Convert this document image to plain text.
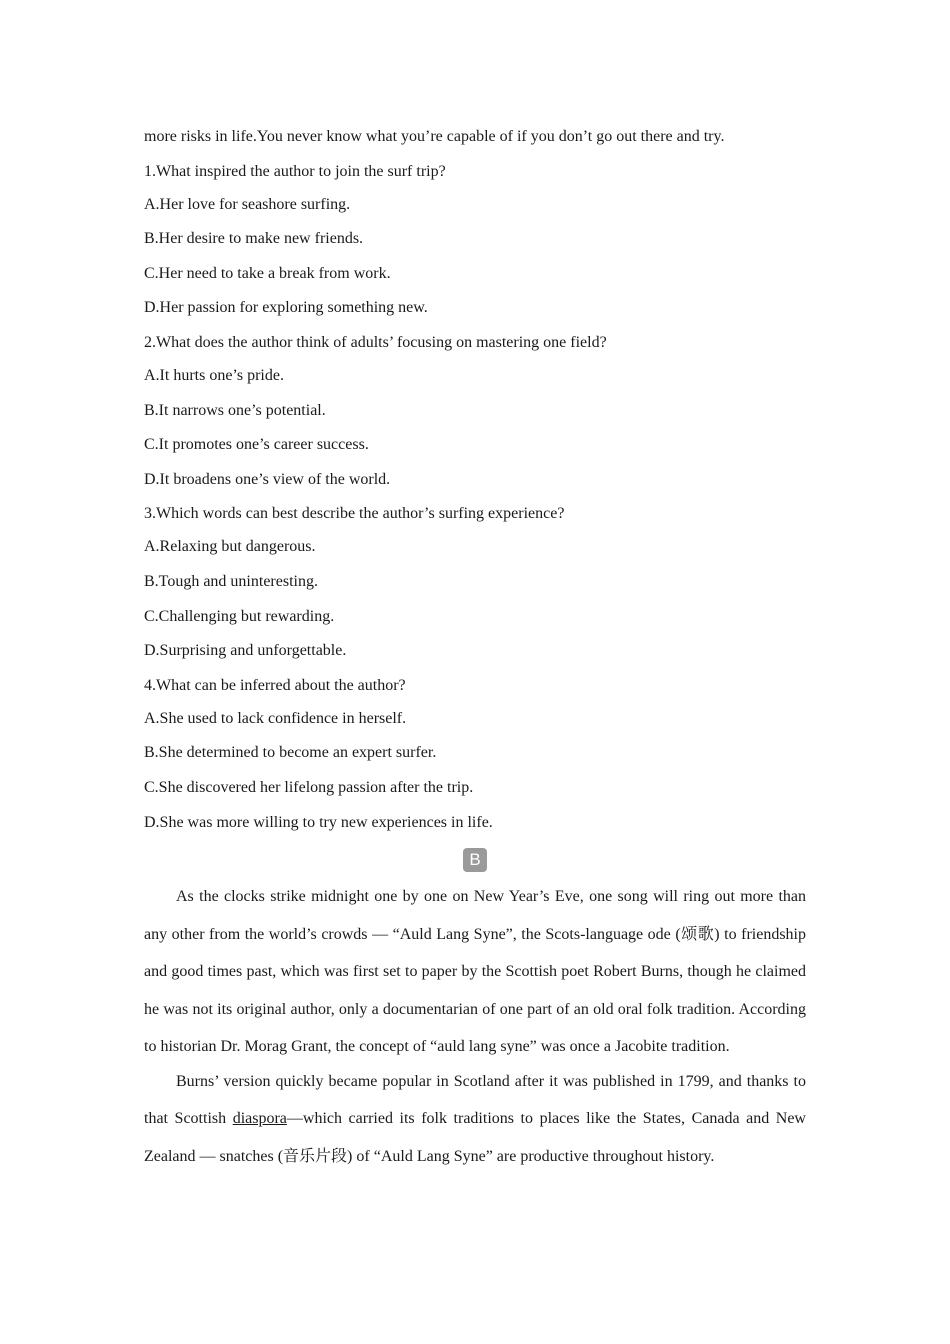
more risks in life.You never know what you’re capable of if you don’t go out there and try.
1.What inspired the author to join the surf trip?
A.Her love for seashore surfing.
B.Her desire to make new friends.
C.Her need to take a break from work.
D.Her passion for exploring something new.
2.What does the author think of adults’ focusing on mastering one field?
A.It hurts one’s pride.
B.It narrows one’s potential.
C.It promotes one’s career success.
D.It broadens one’s view of the world.
3.Which words can best describe the author’s surfing experience?
A.Relaxing but dangerous.
B.Tough and uninteresting.
C.Challenging but rewarding.
D.Surprising and unforgettable.
4.What can be inferred about the author?
A.She used to lack confidence in herself.
B.She determined to become an expert surfer.
C.She discovered her lifelong passion after the trip.
D.She was more willing to try new experiences in life.
B

As the clocks strike midnight one by one on New Year’s Eve, one song will ring out more than any other from the world’s crowds — “Auld Lang Syne”, the Scots-language ode (颂歌) to friendship and good times past, which was first set to paper by the Scottish poet Robert Burns, though he claimed he was not its original author, only a documentarian of one part of an old oral folk tradition. According to historian Dr. Morag Grant, the concept of “auld lang syne” was once a Jacobite tradition.

Burns’ version quickly became popular in Scotland after it was published in 1799, and thanks to that Scottish diaspora—which carried its folk traditions to places like the States, Canada and New Zealand — snatches (音乐片段) of “Auld Lang Syne” are productive throughout history.
